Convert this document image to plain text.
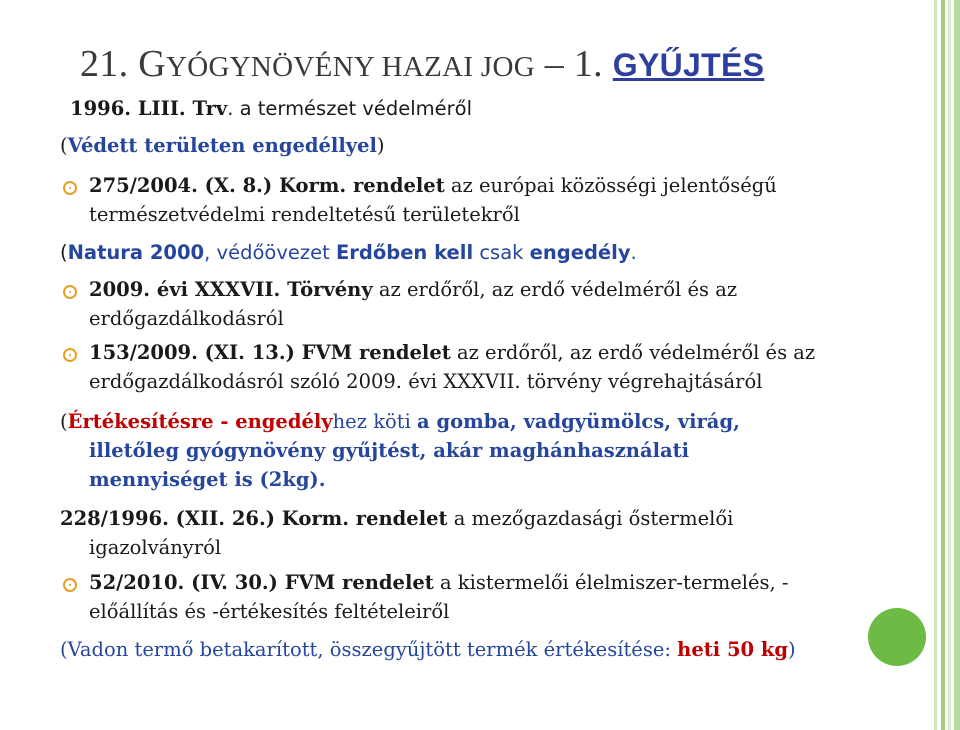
21. GYÓGYNÖVÉNY HAZAI JOG – 1. GYŰJTÉS
1996. LIII. Trv. a természet védelméről
(Védett területen engedéllyel)
275/2004. (X. 8.) Korm. rendelet az európai közösségi jelentőségű
természetvédelmi rendeltetésű területekről
(Natura 2000, védőövezet Erdőben kell csak engedély.
2009. évi XXXVII. Törvény az erdőről, az erdő védelméről és az
erdőgazdálkodásról
153/2009. (XI. 13.) FVM rendelet az erdőről, az erdő védelméről és az
erdőgazdálkodásról szóló 2009. évi XXXVII. törvény végrehajtásáról
(Értékesítésre - engedélyhez köti a gomba, vadgyümölcs, virág,
illetőleg gyógynövény gyűjtést, akár maghánhasználati
mennyiséget is (2kg).
228/1996. (XII. 26.) Korm. rendelet a mezőgazdasági őstermelői
igazolványról
52/2010. (IV. 30.) FVM rendelet a kistermelői élelmiszer-termelés, -
előállítás és -értékesítés feltételeiről
(Vadon termő betakarított, összegyűjtött termék értékesítése: heti 50 kg)
